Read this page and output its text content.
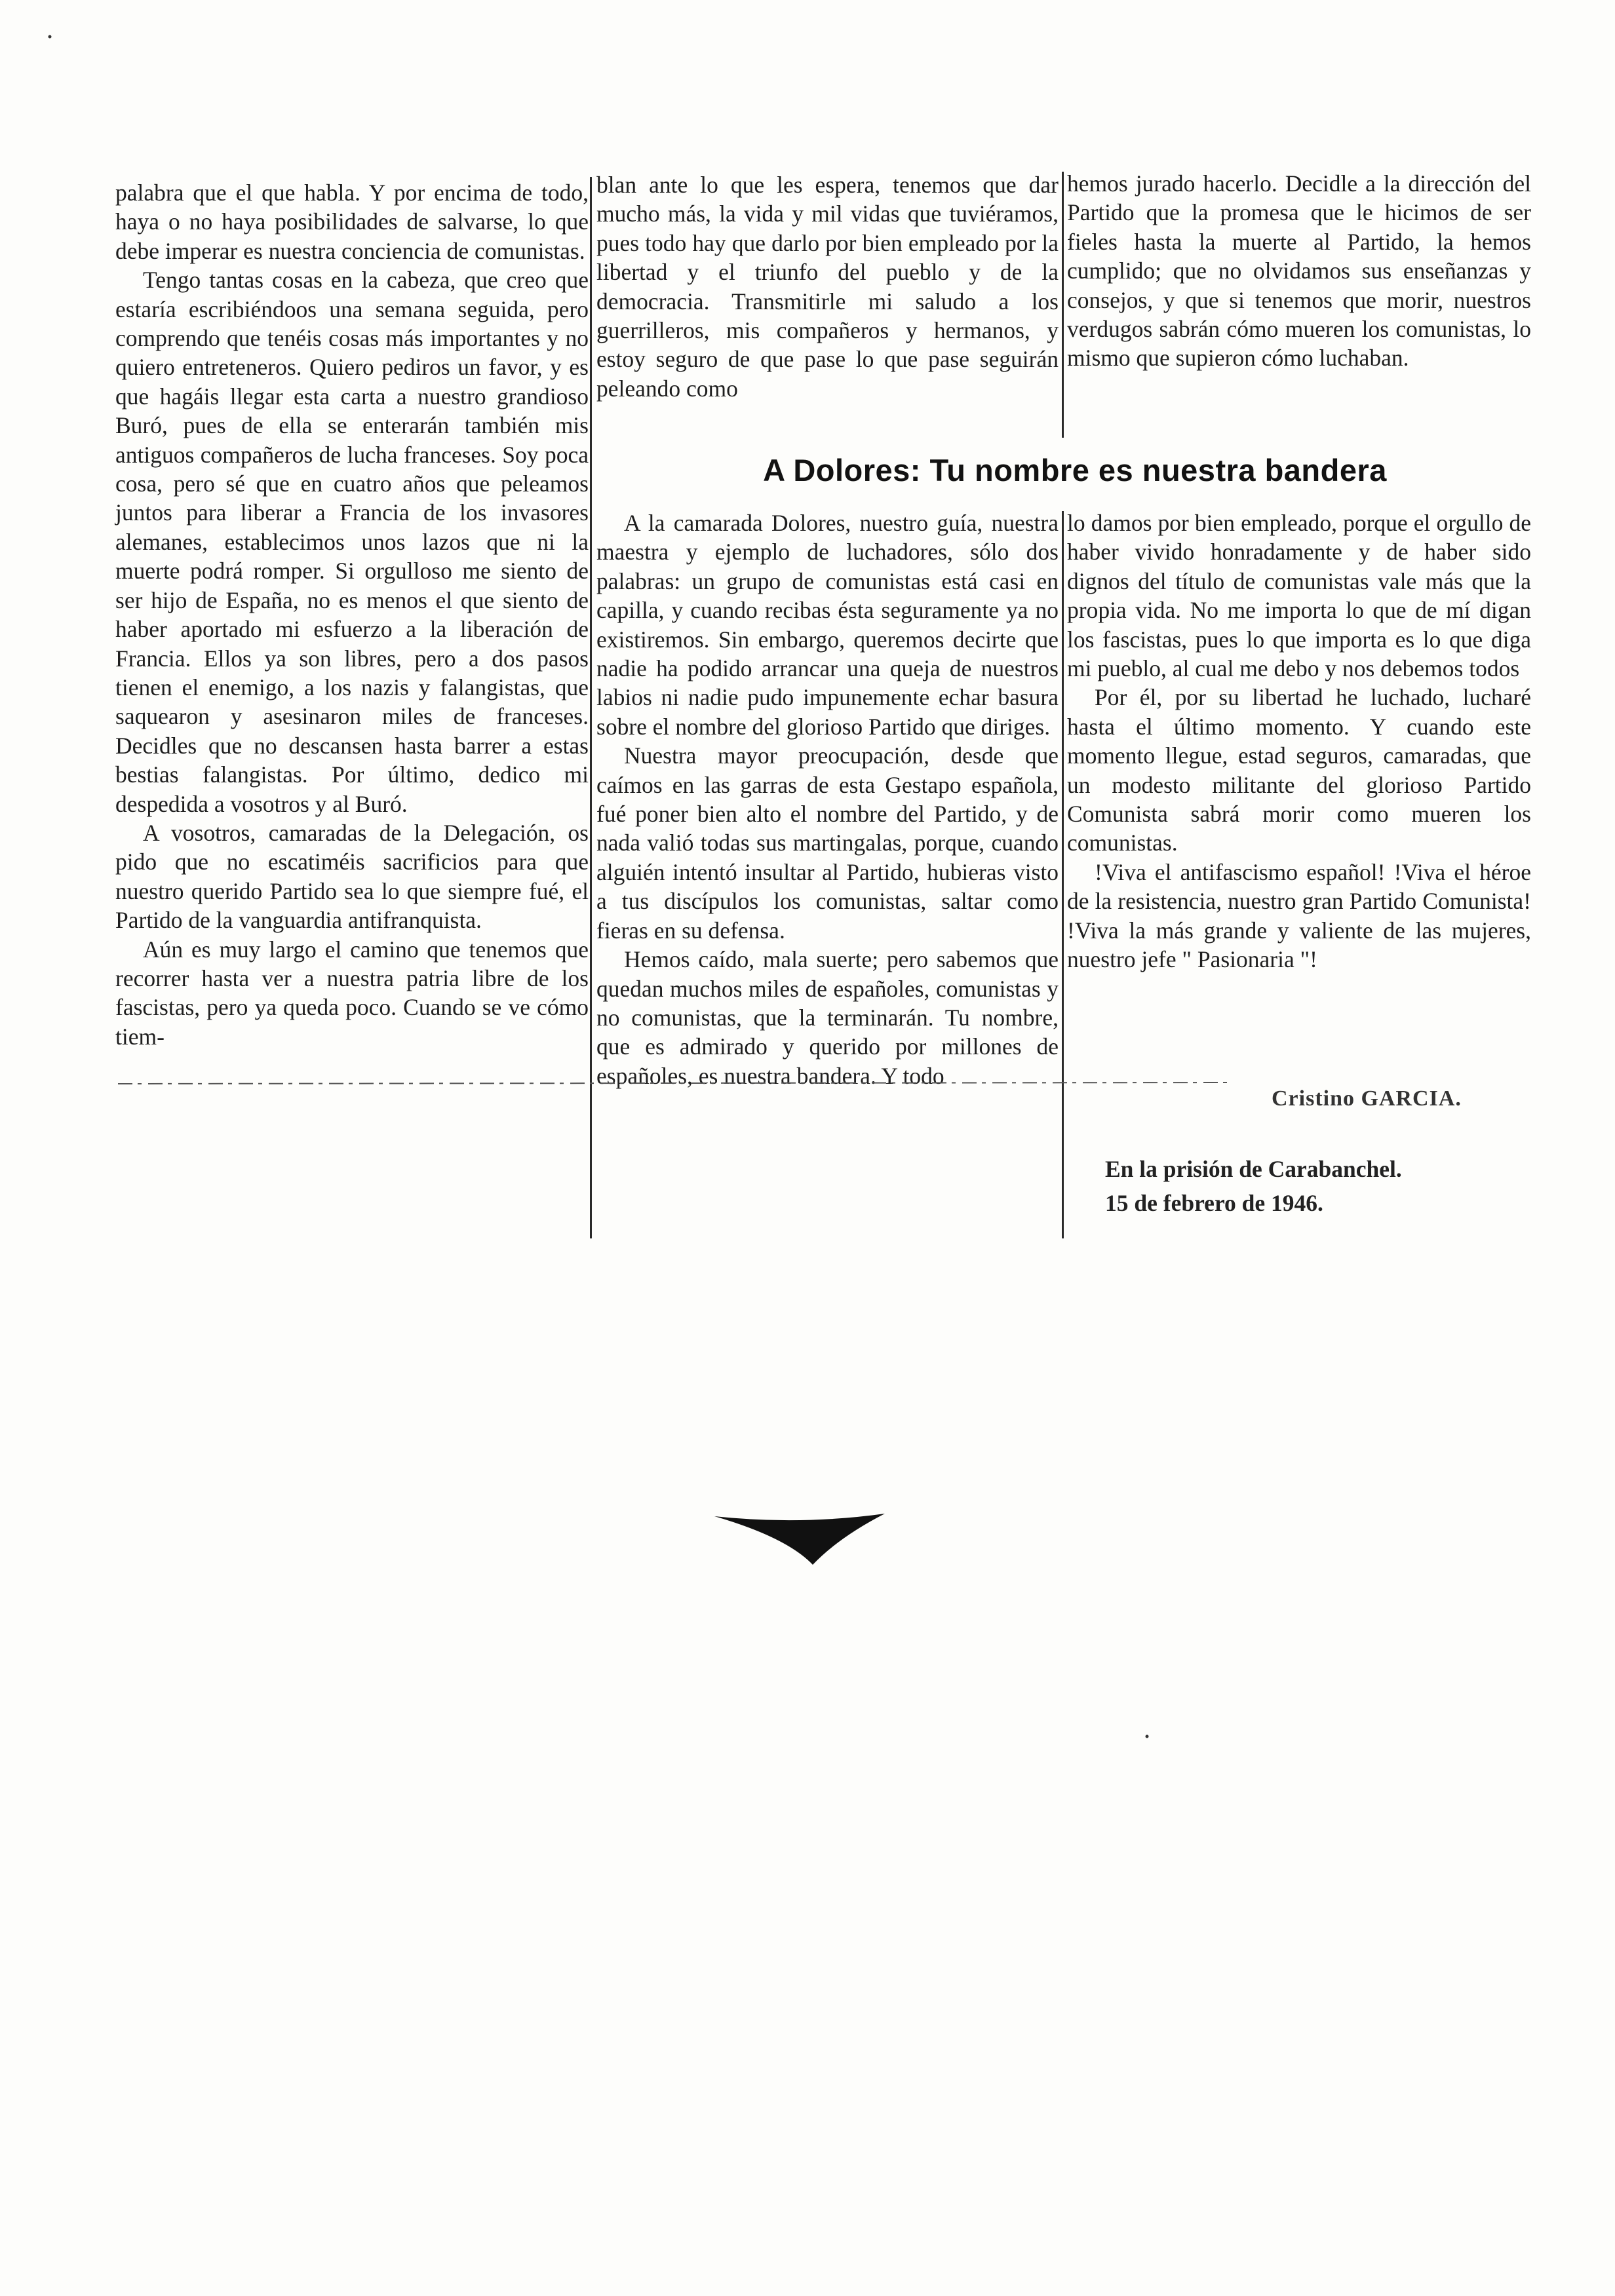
palabra que el que habla. Y por encima de todo, haya o no haya posibilidades de salvarse, lo que debe imperar es nuestra conciencia de comunistas.

Tengo tantas cosas en la cabeza, que creo que estaría escribiéndoos una semana seguida, pero comprendo que tenéis cosas más importantes y no quiero entreteneros. Quiero pediros un favor, y es que hagáis llegar esta carta a nuestro grandioso Buró, pues de ella se enterarán también mis antiguos compañeros de lucha franceses. Soy poca cosa, pero sé que en cuatro años que peleamos juntos para liberar a Francia de los invasores alemanes, establecimos unos lazos que ni la muerte podrá romper. Si orgulloso me siento de ser hijo de España, no es menos el que siento de haber aportado mi esfuerzo a la liberación de Francia. Ellos ya son libres, pero a dos pasos tienen el enemigo, a los nazis y falangistas, que saquearon y asesinaron miles de franceses. Decidles que no descansen hasta barrer a estas bestias falangistas. Por último, dedico mi despedida a vosotros y al Buró.

A vosotros, camaradas de la Delegación, os pido que no escatiméis sacrificios para que nuestro querido Partido sea lo que siempre fué, el Partido de la vanguardia antifranquista.

Aún es muy largo el camino que tenemos que recorrer hasta ver a nuestra patria libre de los fascistas, pero ya queda poco. Cuando se ve cómo tiem-

blan ante lo que les espera, tenemos que dar mucho más, la vida y mil vidas que tuviéramos, pues todo hay que darlo por bien empleado por la libertad y el triunfo del pueblo y de la democracia. Transmitirle mi saludo a los guerrilleros, mis compañeros y hermanos, y estoy seguro de que pase lo que pase seguirán peleando como

hemos jurado hacerlo. Decidle a la dirección del Partido que la promesa que le hicimos de ser fieles hasta la muerte al Partido, la hemos cumplido; que no olvidamos sus enseñanzas y consejos, y que si tenemos que morir, nuestros verdugos sabrán cómo mueren los comunistas, lo mismo que supieron cómo luchaban.

A Dolores: Tu nombre es nuestra bandera

A la camarada Dolores, nuestro guía, nuestra maestra y ejemplo de luchadores, sólo dos palabras: un grupo de comunistas está casi en capilla, y cuando recibas ésta seguramente ya no existiremos. Sin embargo, queremos decirte que nadie ha podido arrancar una queja de nuestros labios ni nadie pudo impunemente echar basura sobre el nombre del glorioso Partido que diriges.

Nuestra mayor preocupación, desde que caímos en las garras de esta Gestapo española, fué poner bien alto el nombre del Partido, y de nada valió todas sus martingalas, porque, cuando alguién intentó insultar al Partido, hubieras visto a tus discípulos los comunistas, saltar como fieras en su defensa.

Hemos caído, mala suerte; pero sabemos que quedan muchos miles de españoles, comunistas y no comunistas, que la terminarán. Tu nombre, que es admirado y querido por millones de españoles, es nuestra bandera. Y todo

lo damos por bien empleado, porque el orgullo de haber vivido honradamente y de haber sido dignos del título de comunistas vale más que la propia vida. No me importa lo que de mí digan los fascistas, pues lo que importa es lo que diga mi pueblo, al cual me debo y nos debemos todos

Por él, por su libertad he luchado, lucharé hasta el último momento. Y cuando este momento llegue, estad seguros, camaradas, que un modesto militante del glorioso Partido Comunista sabrá morir como mueren los comunistas.

!Viva el antifascismo español! !Viva el héroe de la resistencia, nuestro gran Partido Comunista! !Viva la más grande y valiente de las mujeres, nuestro jefe " Pasionaria "!

Cristino GARCIA.
En la prisión de Carabanchel.
15 de febrero de 1946.
